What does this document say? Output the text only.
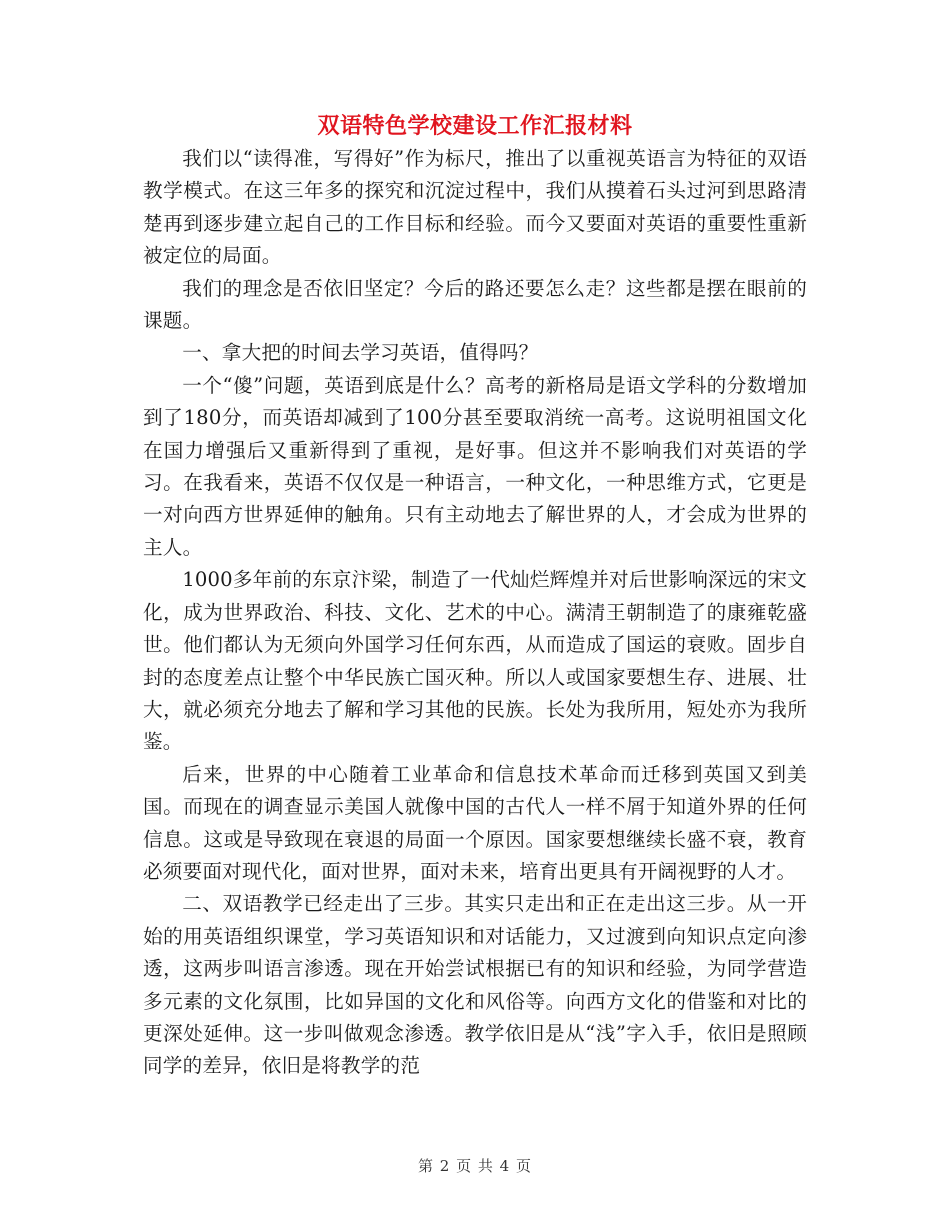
双语特色学校建设工作汇报材料

我们以“读得准，写得好”作为标尺，推出了以重视英语言为特征的双语教学模式。在这三年多的探究和沉淀过程中，我们从摸着石头过河到思路清楚再到逐步建立起自己的工作目标和经验。而今又要面对英语的重要性重新被定位的局面。

我们的理念是否依旧坚定？今后的路还要怎么走？这些都是摆在眼前的课题。

一、拿大把的时间去学习英语，值得吗？

一个“傻”问题，英语到底是什么？高考的新格局是语文学科的分数增加到了180分，而英语却减到了100分甚至要取消统一高考。这说明祖国文化在国力增强后又重新得到了重视，是好事。但这并不影响我们对英语的学习。在我看来，英语不仅仅是一种语言，一种文化，一种思维方式，它更是一对向西方世界延伸的触角。只有主动地去了解世界的人，才会成为世界的主人。

1000多年前的东京汴梁，制造了一代灿烂辉煌并对后世影响深远的宋文化，成为世界政治、科技、文化、艺术的中心。满清王朝制造了的康雍乾盛世。他们都认为无须向外国学习任何东西，从而造成了国运的衰败。固步自封的态度差点让整个中华民族亡国灭种。所以人或国家要想生存、进展、壮大，就必须充分地去了解和学习其他的民族。长处为我所用，短处亦为我所鉴。

后来，世界的中心随着工业革命和信息技术革命而迁移到英国又到美国。而现在的调查显示美国人就像中国的古代人一样不屑于知道外界的任何信息。这或是导致现在衰退的局面一个原因。国家要想继续长盛不衰，教育必须要面对现代化，面对世界，面对未来，培育出更具有开阔视野的人才。

二、双语教学已经走出了三步。其实只走出和正在走出这三步。从一开始的用英语组织课堂，学习英语知识和对话能力，又过渡到向知识点定向渗透，这两步叫语言渗透。现在开始尝试根据已有的知识和经验，为同学营造多元素的文化氛围，比如异国的文化和风俗等。向西方文化的借鉴和对比的更深处延伸。这一步叫做观念渗透。教学依旧是从“浅”字入手，依旧是照顾同学的差异，依旧是将教学的范

第 2 页 共 4 页
